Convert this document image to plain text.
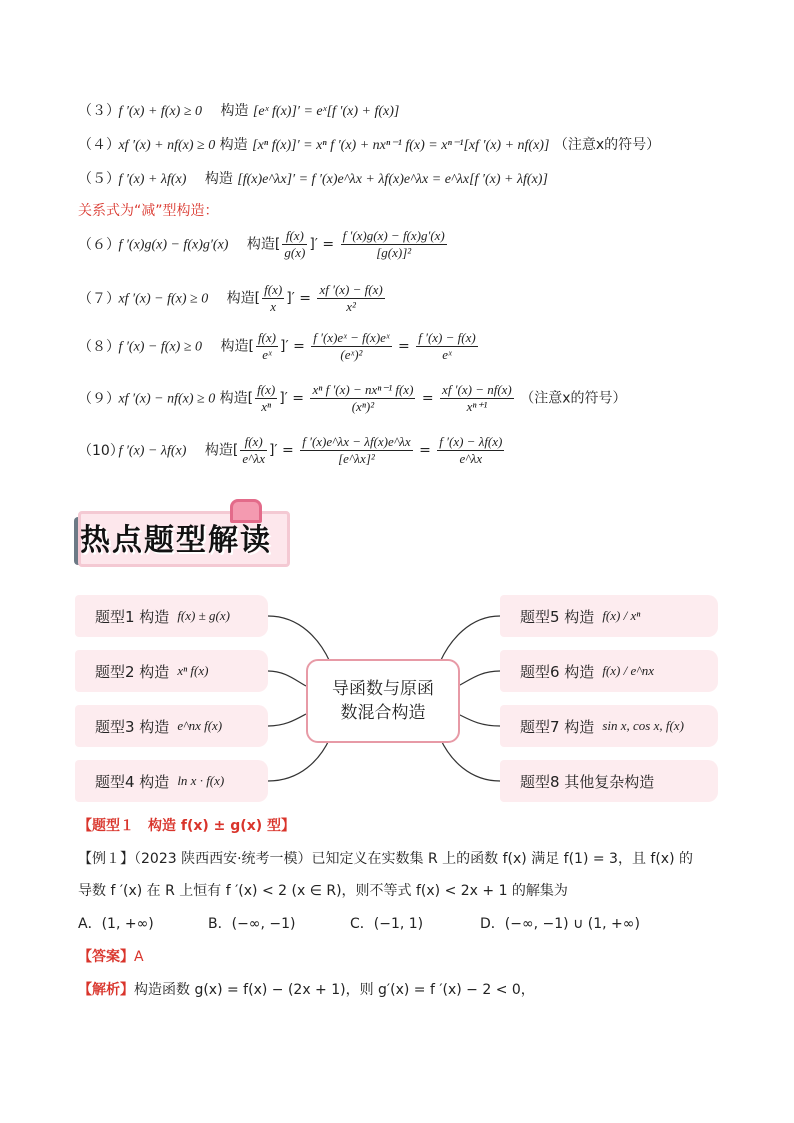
（３） f ′(x) + f(x) ≥ 0 构造 [eˣ f(x)]′ = eˣ[f ′(x) + f(x)]
（４） xf ′(x) + nf(x) ≥ 0 构造 [xⁿ f(x)]′ = xⁿ f ′(x) + nxⁿ⁻¹ f(x) = xⁿ⁻¹[xf ′(x) + nf(x)] （注意x的符号）
（５） f ′(x) + λf(x) 构造 [f(x)e^λx]′ = f ′(x)e^λx + λf(x)e^λx = e^λx[f ′(x) + λf(x)]
关系式为“减”型构造：
（６） f ′(x)g(x) − f(x)g′(x) 构造[ $\frac{f(x)}{g(x)}$ ]′ = $\frac{f '(x)g(x) - f(x)g'(x)}{\text{[g(x)]²}}$
（７） xf ′(x) − f(x) ≥ 0 构造[ $\frac{f(x)}{x}$ ]′ = $\frac{xf '(x) - f(x)}{\text{x²}}$
（８） f ′(x) − f(x) ≥ 0 构造[ $\frac{f(x)}{\text{eˣ}}$ ]′ = $\frac{\text{f ′(x)eˣ − f(x)eˣ}}{\text{(eˣ)²}} = \frac{f '(x) - f(x)}{\text{eˣ}}$
（９） xf ′(x) − nf(x) ≥ 0 构造[ $\frac{f(x)}{\text{xⁿ}}$ ]′ = $\frac{\text{xⁿ f ′(x) − nxⁿ⁻¹ f(x)}}{\text{(xⁿ)²}} = \frac{xf '(x) - nf(x)}{\text{xⁿ⁺¹}}$ （注意x的符号）
（10） f ′(x) − λf(x) 构造[ $\frac{f(x)}{e\^{}\lambda x}$ ]′ = $\frac{f '(x)e\^{}\lambda x - \lambda f(x)e\^{}\lambda x}{\text{[e\textasciicircum{}λx]²}} = \frac{f '(x) - \lambda f(x)}{e\^{}\lambda x}$
热点题型解读
题型1 构造 f(x) ± g(x)
题型2 构造 xⁿ f(x)
题型3 构造 e^nx f(x)
题型4 构造 ln x · f(x)
导函数与原函
数混合构造
题型5 构造 f(x) / xⁿ
题型6 构造 f(x) / e^nx
题型7 构造 sin x, cos x, f(x)
题型8 其他复杂构造
【题型１　构造 f(x) ± g(x) 型】
【例１】（2023 陕西西安·统考一模）已知定义在实数集 R 上的函数 f(x) 满足 f(1) = 3，且 f(x) 的
导数 f ′(x) 在 R 上恒有 f ′(x) < 2 (x ∈ R)，则不等式 f(x) < 2x + 1 的解集为
A．(1, +∞)	B．(−∞, −1)	C．(−1, 1)	D．(−∞, −1) ∪ (1, +∞)
【答案】A
【解析】构造函数 g(x) = f(x) − (2x + 1)，则 g′(x) = f ′(x) − 2 < 0，
